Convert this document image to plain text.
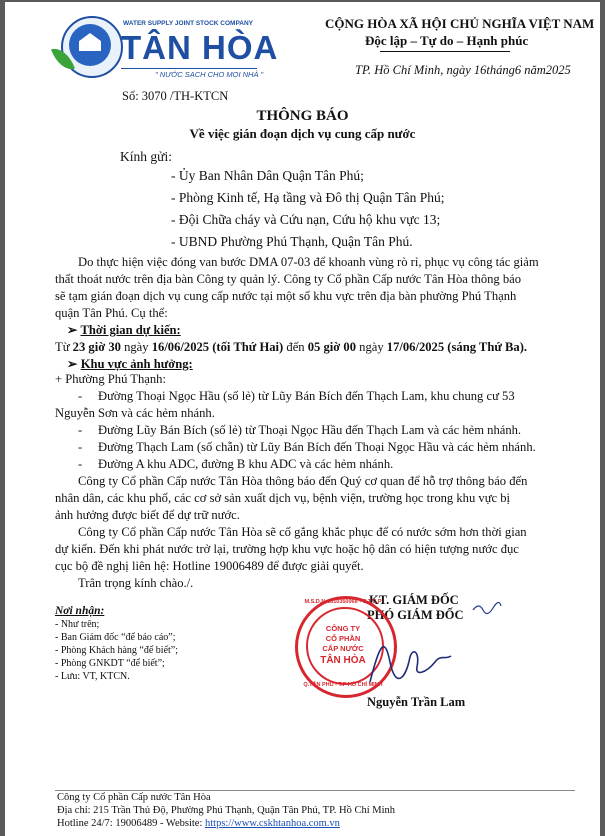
WATER SUPPLY JOINT STOCK COMPANY
TÂN HÒA
" NƯỚC SẠCH CHO MỌI NHÀ "
CỘNG HÒA XÃ HỘI CHỦ NGHĨA VIỆT NAM
Độc lập – Tự do – Hạnh phúc
TP. Hồ Chí Minh, ngày 16tháng6 năm2025
Số: 3070 /TH-KTCN
THÔNG BÁO
Về việc gián đoạn dịch vụ cung cấp nước
Kính gửi:
- Ủy Ban Nhân Dân Quận Tân Phú;
- Phòng Kinh tế, Hạ tầng và Đô thị Quận Tân Phú;
- Đội Chữa cháy và Cứu nạn, Cứu hộ khu vực 13;
- UBND Phường Phú Thạnh, Quận Tân Phú.
Do thực hiện việc đóng van bước DMA 07-03 để khoanh vùng rò rỉ, phục vụ công tác giảm
thất thoát nước trên địa bàn Công ty quản lý. Công ty Cổ phần Cấp nước Tân Hòa thông báo
sẽ tạm gián đoạn dịch vụ cung cấp nước tại một số khu vực trên địa bàn phường Phú Thạnh
quận Tân Phú. Cụ thể:
➢ Thời gian dự kiến:
Từ 23 giờ 30 ngày 16/06/2025 (tối Thứ Hai) đến 05 giờ 00 ngày 17/06/2025 (sáng Thứ Ba).
➢ Khu vực ảnh hưởng:
+ Phường Phú Thạnh:
- Đường Thoại Ngọc Hầu (số lẻ) từ Lũy Bán Bích đến Thạch Lam, khu chung cư 53
Nguyễn Sơn và các hẻm nhánh.
- Đường Lũy Bán Bích (số lẻ) từ Thoại Ngọc Hầu đến Thạch Lam và các hẻm nhánh.
- Đường Thạch Lam (số chẵn) từ Lũy Bán Bích đến Thoại Ngọc Hầu và các hẻm nhánh.
- Đường A khu ADC, đường B khu ADC và các hẻm nhánh.
Công ty Cổ phần Cấp nước Tân Hòa thông báo đến Quý cơ quan để hỗ trợ thông báo đến
nhân dân, các khu phố, các cơ sở sản xuất dịch vụ, bệnh viện, trường học trong khu vực bị
ảnh hưởng được biết để dự trữ nước.
Công ty Cổ phần Cấp nước Tân Hòa sẽ cố gắng khắc phục để có nước sớm hơn thời gian
dự kiến. Đến khi phát nước trở lại, trường hợp khu vực hoặc hộ dân có hiện tượng nước đục
cục bộ đề nghị liên hệ: Hotline 19006489 để được giải quyết.
Trân trọng kính chào./.
KT. GIÁM ĐỐC
PHÓ GIÁM ĐỐC
M.S.D.N:0310350066 - C.T.C.P
CÔNG TY
CỔ PHẦN
CẤP NƯỚC
TÂN HÒA
Q.TÂN PHÚ - T.P HỒ CHÍ MINH
Nguyễn Trần Lam
Nơi nhận:
- Như trên;
- Ban Giám đốc “để báo cáo”;
- Phòng Khách hàng “để biết”;
- Phòng GNKDT “để biết”;
- Lưu: VT, KTCN.
Công ty Cổ phần Cấp nước Tân Hòa
Địa chỉ: 215 Trần Thủ Độ, Phường Phú Thạnh, Quận Tân Phú, TP. Hồ Chí Minh
Hotline 24/7: 19006489 - Website: https://www.cskhtanhoa.com.vn
